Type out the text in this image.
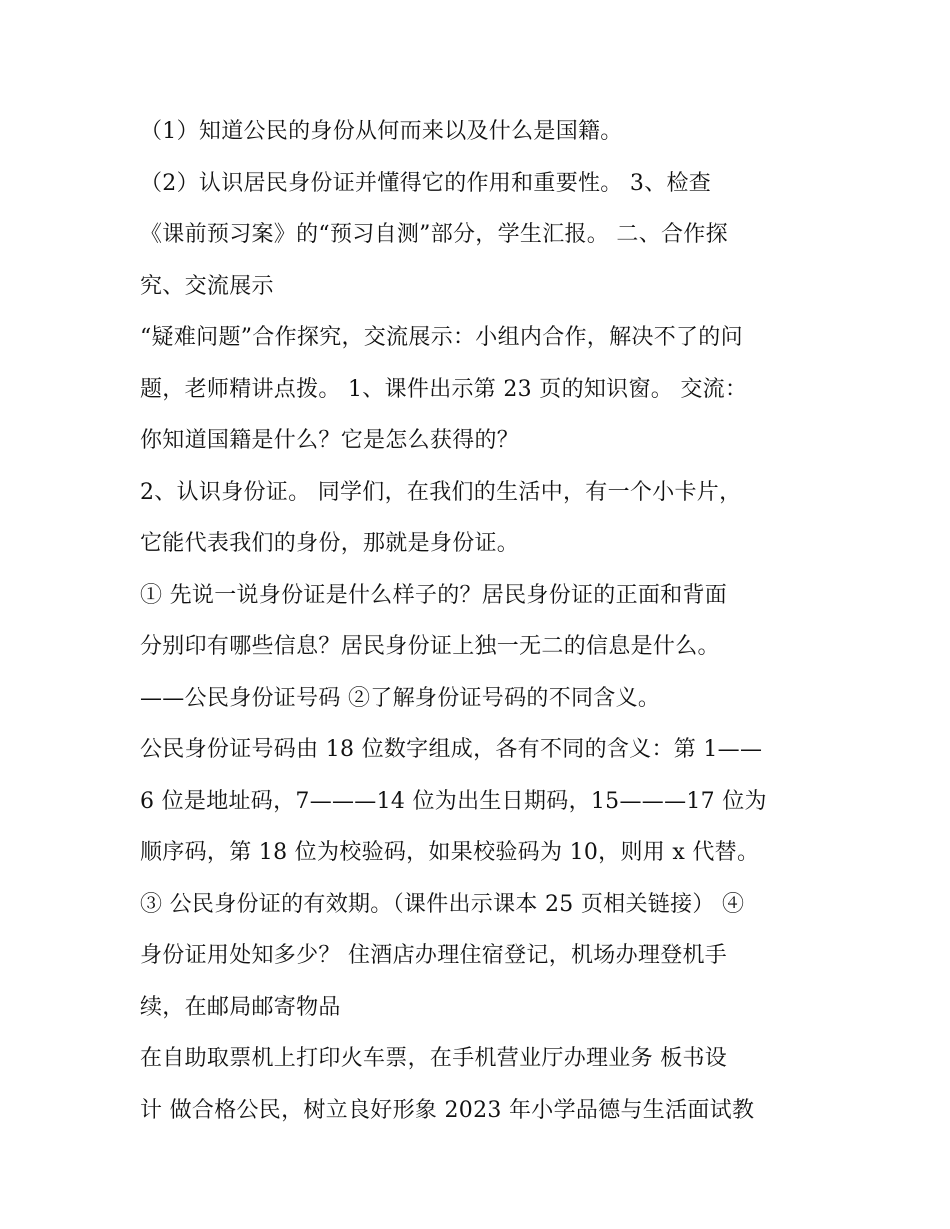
（1）知道公民的身份从何而来以及什么是国籍。
（2）认识居民身份证并懂得它的作用和重要性。 3、检查
《课前预习案》的“预习自测”部分，学生汇报。 二、合作探
究、交流展示
“疑难问题”合作探究，交流展示：小组内合作，解决不了的问
题，老师精讲点拨。 1、课件出示第 23 页的知识窗。 交流：
你知道国籍是什么？它是怎么获得的？
2、认识身份证。 同学们，在我们的生活中，有一个小卡片，
它能代表我们的身份，那就是身份证。
① 先说一说身份证是什么样子的？居民身份证的正面和背面
分别印有哪些信息？居民身份证上独一无二的信息是什么。
——公民身份证号码 ②了解身份证号码的不同含义。
公民身份证号码由 18 位数字组成，各有不同的含义：第 1——
6 位是地址码，7———14 位为出生日期码，15———17 位为
顺序码，第 18 位为校验码，如果校验码为 10，则用 x 代替。
③ 公民身份证的有效期。（课件出示课本 25 页相关链接） ④
身份证用处知多少？ 住酒店办理住宿登记，机场办理登机手
续，在邮局邮寄物品
在自助取票机上打印火车票，在手机营业厅办理业务 板书设
计 做合格公民，树立良好形象 2023 年小学品德与生活面试教
